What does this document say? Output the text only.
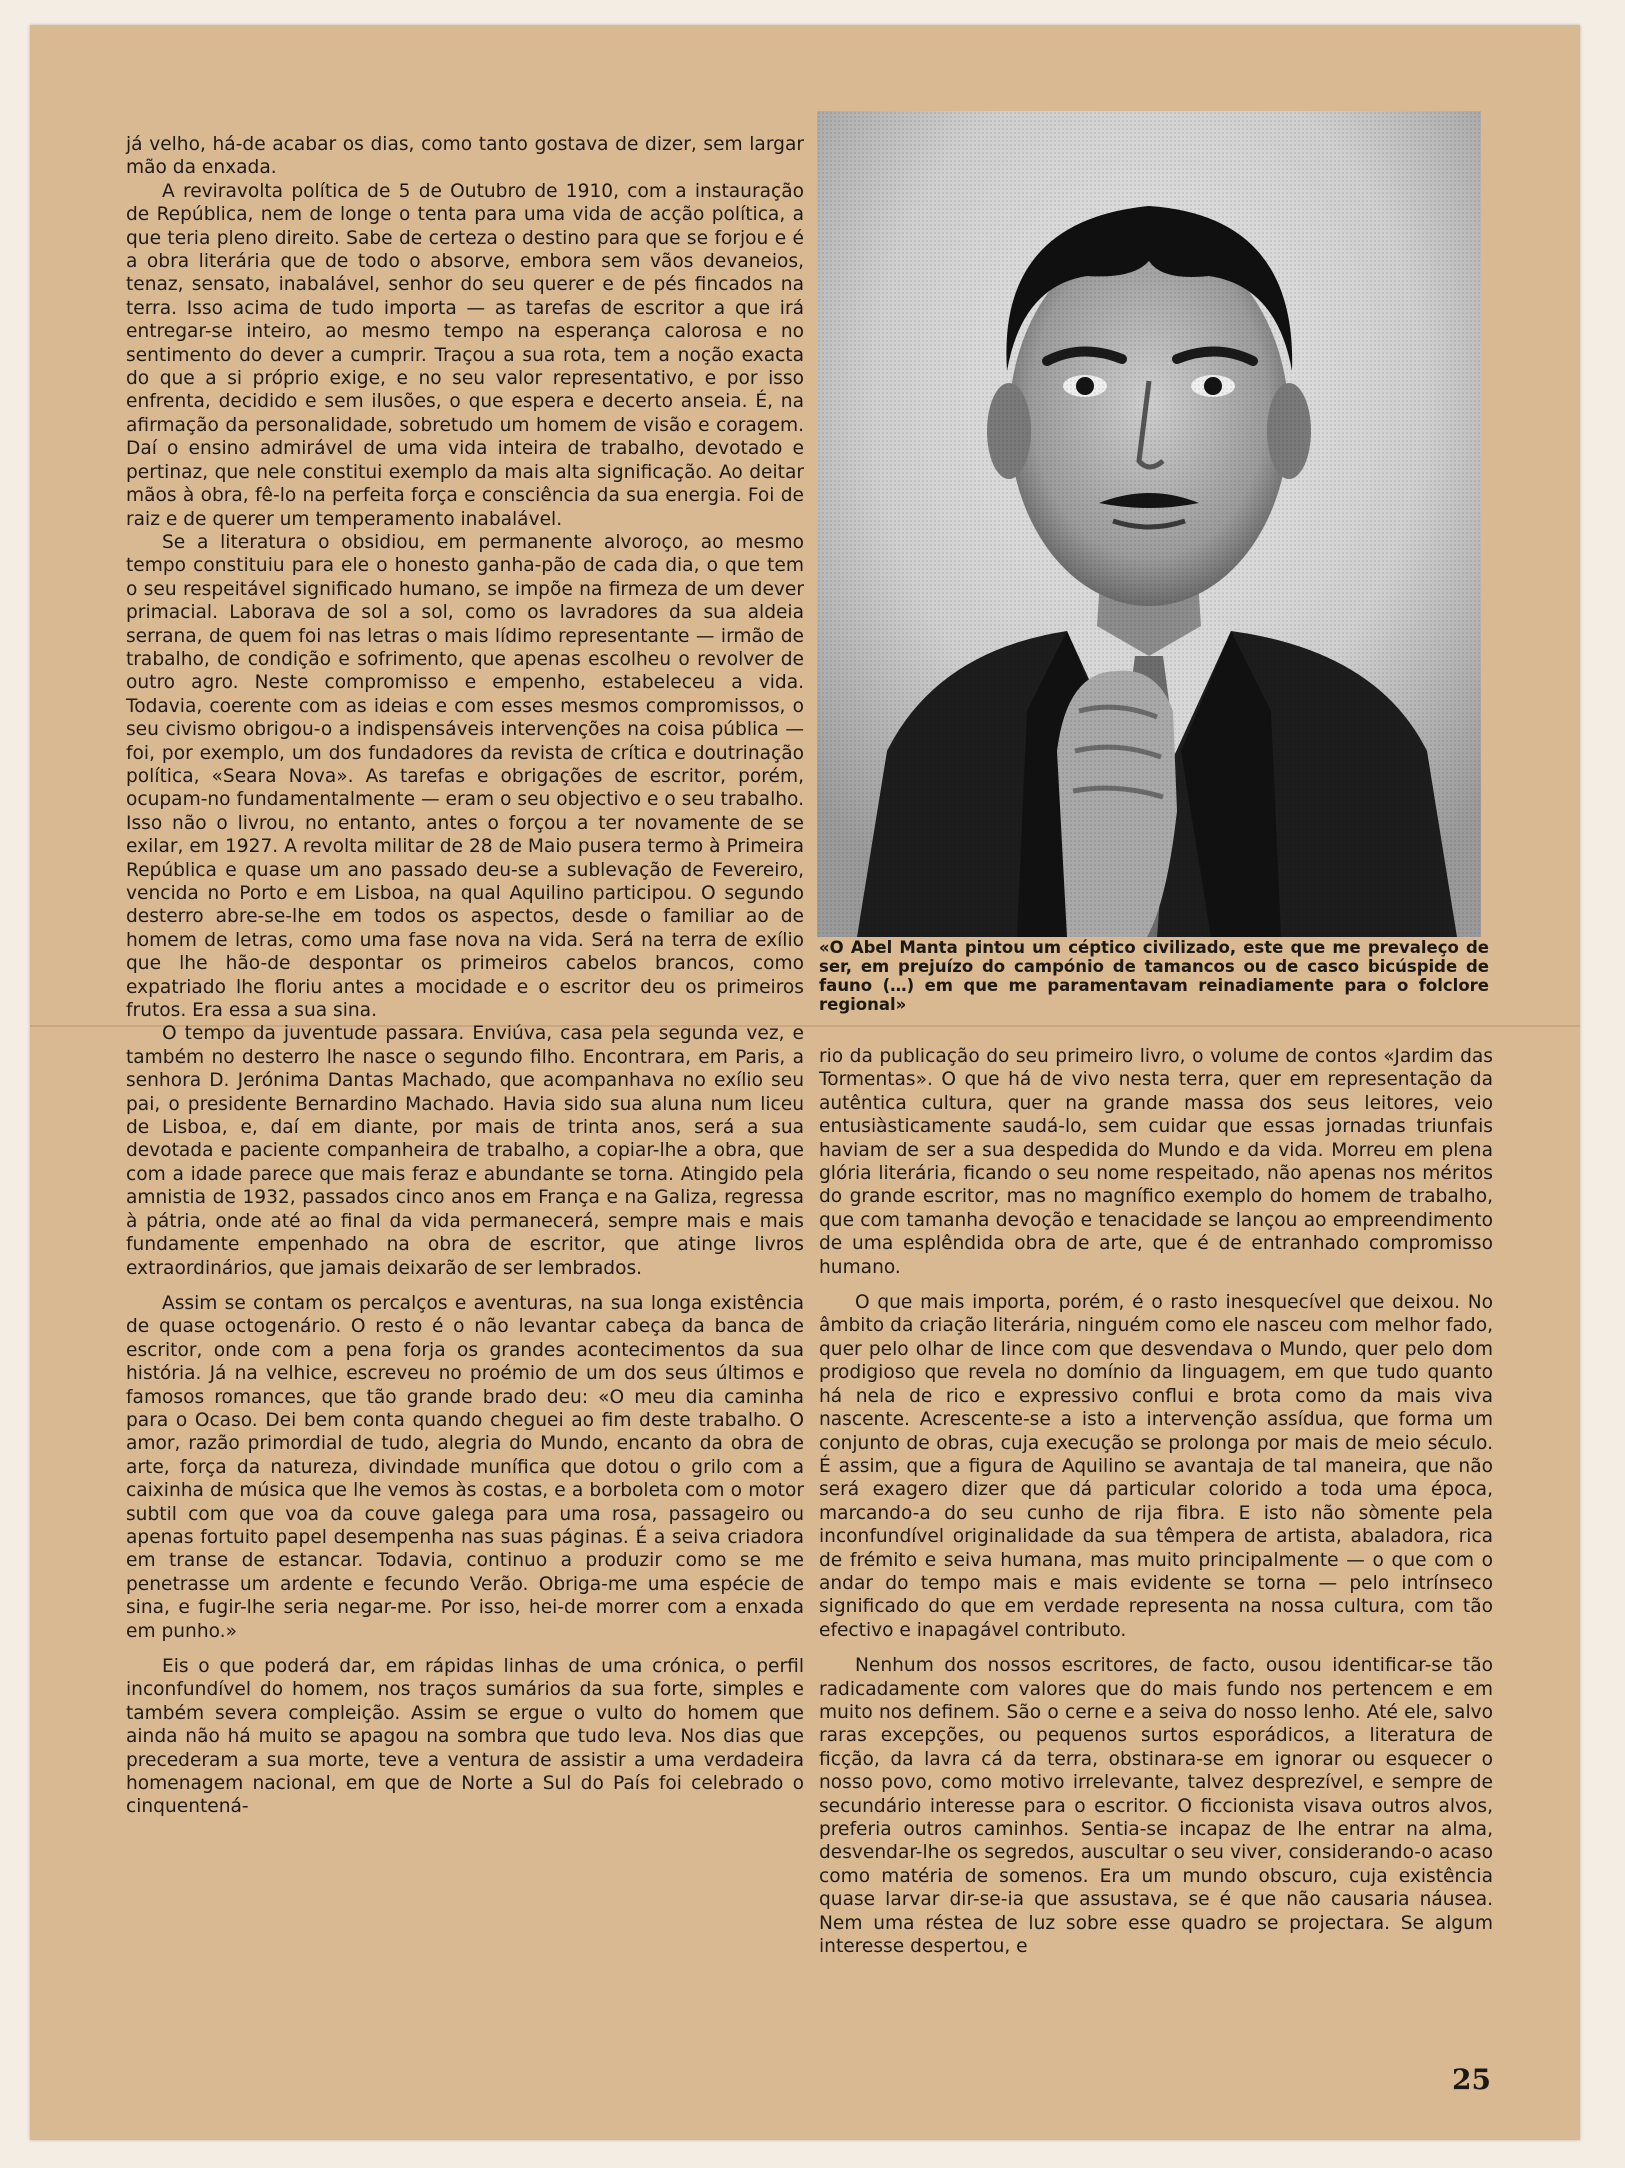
já velho, há-de acabar os dias, como tanto gostava de dizer, sem largar mão da enxada.

A reviravolta política de 5 de Outubro de 1910, com a instauração de República, nem de longe o tenta para uma vida de acção política, a que teria pleno direito. Sabe de certeza o destino para que se forjou e é a obra literária que de todo o absorve, embora sem vãos devaneios, tenaz, sensato, inabalável, senhor do seu querer e de pés fincados na terra. Isso acima de tudo importa — as tarefas de escritor a que irá entregar-se inteiro, ao mesmo tempo na esperança calorosa e no sentimento do dever a cumprir. Traçou a sua rota, tem a noção exacta do que a si próprio exige, e no seu valor representativo, e por isso enfrenta, decidido e sem ilusões, o que espera e decerto anseia. É, na afirmação da personalidade, sobretudo um homem de visão e coragem. Daí o ensino admirável de uma vida inteira de trabalho, devotado e pertinaz, que nele constitui exemplo da mais alta significação. Ao deitar mãos à obra, fê-lo na perfeita força e consciência da sua energia. Foi de raiz e de querer um temperamento inabalável.

Se a literatura o obsidiou, em permanente alvoroço, ao mesmo tempo constituiu para ele o honesto ganha-pão de cada dia, o que tem o seu respeitável significado humano, se impõe na firmeza de um dever primacial. Laborava de sol a sol, como os lavradores da sua aldeia serrana, de quem foi nas letras o mais lídimo representante — irmão de trabalho, de condição e sofrimento, que apenas escolheu o revolver de outro agro. Neste compromisso e empenho, estabeleceu a vida. Todavia, coerente com as ideias e com esses mesmos compromissos, o seu civismo obrigou-o a indispensáveis intervenções na coisa pública — foi, por exemplo, um dos fundadores da revista de crítica e doutrinação política, «Seara Nova». As tarefas e obrigações de escritor, porém, ocupam-no fundamentalmente — eram o seu objectivo e o seu trabalho. Isso não o livrou, no entanto, antes o forçou a ter novamente de se exilar, em 1927. A revolta militar de 28 de Maio pusera termo à Primeira República e quase um ano passado deu-se a sublevação de Fevereiro, vencida no Porto e em Lisboa, na qual Aquilino participou. O segundo desterro abre-se-lhe em todos os aspectos, desde o familiar ao de homem de letras, como uma fase nova na vida. Será na terra de exílio que lhe hão-de despontar os primeiros cabelos brancos, como expatriado lhe floriu antes a mocidade e o escritor deu os primeiros frutos. Era essa a sua sina.

O tempo da juventude passara. Enviúva, casa pela segunda vez, e também no desterro lhe nasce o segundo filho. Encontrara, em Paris, a senhora D. Jerónima Dantas Machado, que acompanhava no exílio seu pai, o presidente Bernardino Machado. Havia sido sua aluna num liceu de Lisboa, e, daí em diante, por mais de trinta anos, será a sua devotada e paciente companheira de trabalho, a copiar-lhe a obra, que com a idade parece que mais feraz e abundante se torna. Atingido pela amnistia de 1932, passados cinco anos em França e na Galiza, regressa à pátria, onde até ao final da vida permanecerá, sempre mais e mais fundamente empenhado na obra de escritor, que atinge livros extraordinários, que jamais deixarão de ser lembrados.

Assim se contam os percalços e aventuras, na sua longa existência de quase octogenário. O resto é o não levantar cabeça da banca de escritor, onde com a pena forja os grandes acontecimentos da sua história. Já na velhice, escreveu no proémio de um dos seus últimos e famosos romances, que tão grande brado deu: «O meu dia caminha para o Ocaso. Dei bem conta quando cheguei ao fim deste trabalho. O amor, razão primordial de tudo, alegria do Mundo, encanto da obra de arte, força da natureza, divindade munífica que dotou o grilo com a caixinha de música que lhe vemos às costas, e a borboleta com o motor subtil com que voa da couve galega para uma rosa, passageiro ou apenas fortuito papel desempenha nas suas páginas. É a seiva criadora em transe de estancar. Todavia, continuo a produzir como se me penetrasse um ardente e fecundo Verão. Obriga-me uma espécie de sina, e fugir-lhe seria negar-me. Por isso, hei-de morrer com a enxada em punho.»

Eis o que poderá dar, em rápidas linhas de uma crónica, o perfil inconfundível do homem, nos traços sumários da sua forte, simples e também severa compleição. Assim se ergue o vulto do homem que ainda não há muito se apagou na sombra que tudo leva. Nos dias que precederam a sua morte, teve a ventura de assistir a uma verdadeira homenagem nacional, em que de Norte a Sul do País foi celebrado o cinquentená-

«O Abel Manta pintou um céptico civilizado, este que me prevaleço de ser, em prejuízo do campónio de tamancos ou de casco bicúspide de fauno (…) em que me paramentavam reinadiamente para o folclore regional»

rio da publicação do seu primeiro livro, o volume de contos «Jardim das Tormentas». O que há de vivo nesta terra, quer em representação da autêntica cultura, quer na grande massa dos seus leitores, veio entusiàsticamente saudá-lo, sem cuidar que essas jornadas triunfais haviam de ser a sua despedida do Mundo e da vida. Morreu em plena glória literária, ficando o seu nome respeitado, não apenas nos méritos do grande escritor, mas no magnífico exemplo do homem de trabalho, que com tamanha devoção e tenacidade se lançou ao empreendimento de uma esplêndida obra de arte, que é de entranhado compromisso humano.

O que mais importa, porém, é o rasto inesquecível que deixou. No âmbito da criação literária, ninguém como ele nasceu com melhor fado, quer pelo olhar de lince com que desvendava o Mundo, quer pelo dom prodigioso que revela no domínio da linguagem, em que tudo quanto há nela de rico e expressivo conflui e brota como da mais viva nascente. Acrescente-se a isto a intervenção assídua, que forma um conjunto de obras, cuja execução se prolonga por mais de meio século. É assim, que a figura de Aquilino se avantaja de tal maneira, que não será exagero dizer que dá particular colorido a toda uma época, marcando-a do seu cunho de rija fibra. E isto não sòmente pela inconfundível originalidade da sua têmpera de artista, abaladora, rica de frémito e seiva humana, mas muito principalmente — o que com o andar do tempo mais e mais evidente se torna — pelo intrínseco significado do que em verdade representa na nossa cultura, com tão efectivo e inapagável contributo.

Nenhum dos nossos escritores, de facto, ousou identificar-se tão radicadamente com valores que do mais fundo nos pertencem e em muito nos definem. São o cerne e a seiva do nosso lenho. Até ele, salvo raras excepções, ou pequenos surtos esporádicos, a literatura de ficção, da lavra cá da terra, obstinara-se em ignorar ou esquecer o nosso povo, como motivo irrelevante, talvez desprezível, e sempre de secundário interesse para o escritor. O ficcionista visava outros alvos, preferia outros caminhos. Sentia-se incapaz de lhe entrar na alma, desvendar-lhe os segredos, auscultar o seu viver, considerando-o acaso como matéria de somenos. Era um mundo obscuro, cuja existência quase larvar dir-se-ia que assustava, se é que não causaria náusea. Nem uma réstea de luz sobre esse quadro se projectara. Se algum interesse despertou, e

25
